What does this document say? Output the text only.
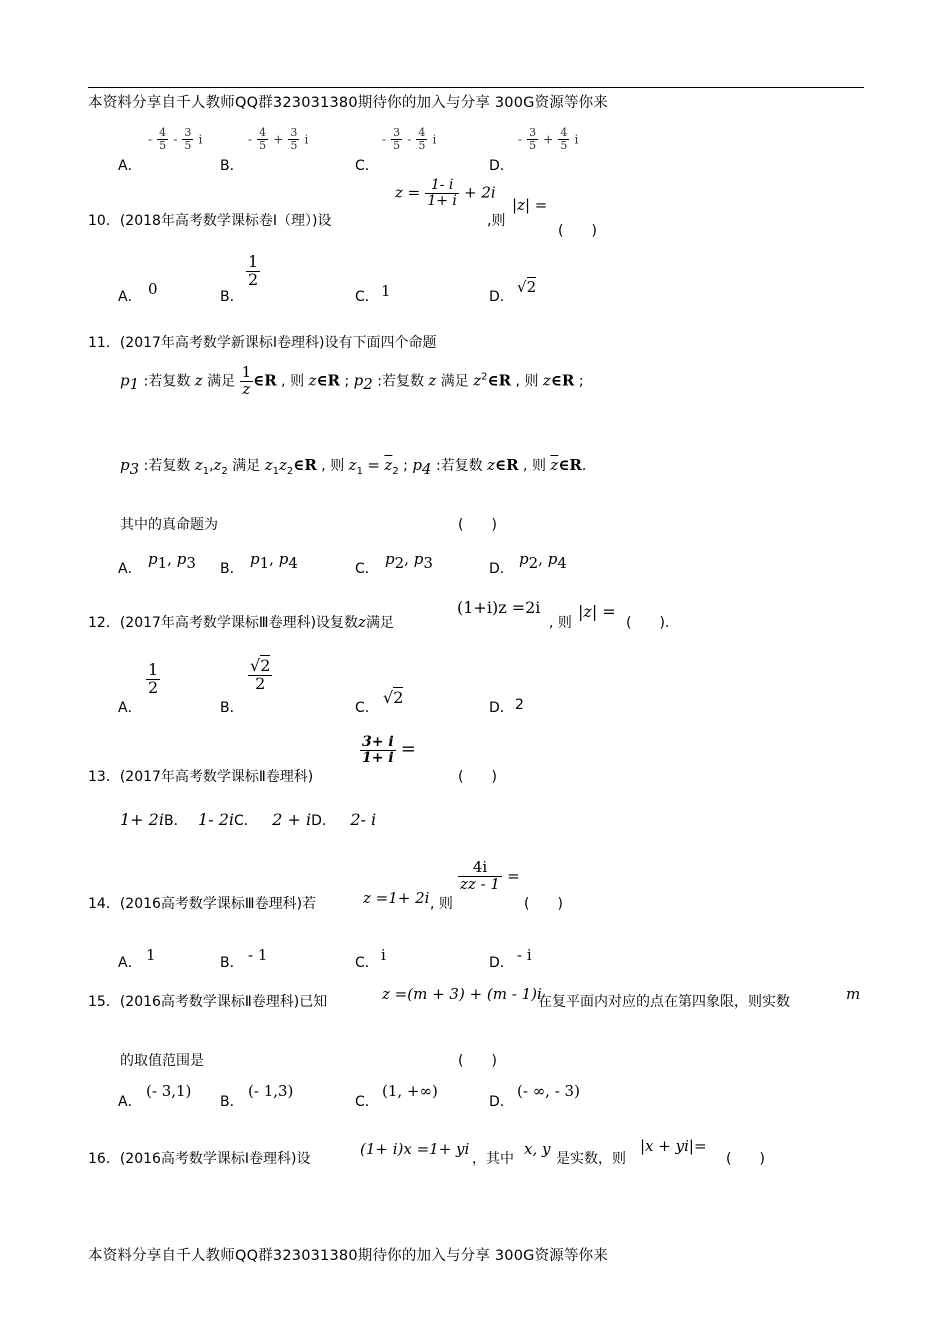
本资料分享自千人教师QQ群323031380期待你的加入与分享 300G资源等你来
A．
- $\frac{4}{5} - \frac{3}{5}$ i
B．
- $\frac{4}{5} + \frac{3}{5}$ i
C．
- $\frac{3}{5} - \frac{4}{5}$ i
D．
- $\frac{3}{5} + \frac{4}{5}$ i
10．(2018年高考数学课标卷Ⅰ（理）)设
$z = \frac{1- i}{1+ i} + 2i$
,则
|z| =
(　　)
A． 0	B．
$\frac{1}{2}$
C． 1	D．
√2
11．(2017年高考数学新课标Ⅰ卷理科)设有下面四个命题
$p_1$ :若复数 z 满足 $\frac{1}{z}$ ∈R , 则 z∈R ; $p_2$ :若复数 z 满足 $z^2\in R$ , 则 z∈R ;
$p_3$ :若复数 $z_1,z_2$ 满足 $z_1z_2\in R$ , 则 $z_1 = \overline{z}_2$ ; $p_4$ :若复数 z∈R , 则 $\overline{z}\in R$.
其中的真命题为	(　　)
A．
$p_1$, $p_3$ B．
$p_1$, $p_4$	C．
$p_2$, $p_3$	D．
$p_2$, $p_4$
12．(2017年高考数学课标Ⅲ卷理科)设复数z满足
(1+i)z =2i
, 则
|z| =
(　　).
A．
$\frac{1}{2}$
B．
$\frac{√2}{2}$
C．
√2
D． 2
13．(2017年高考数学课标Ⅱ卷理科)
$\frac{3+ i}{1+ i}$ =
(　　)
1+ 2iB． 1- 2iC． 2 + iD． 2- i
14．(2016高考数学课标Ⅲ卷理科)若	z =1+ 2i , 则
$\frac{4i}{zz - 1}$ =
(　　)
A． 1	B． - 1	C． i	D． - i
15．(2016高考数学课标Ⅱ卷理科)已知	z =(m + 3) + (m - 1)i
在复平面内对应的点在第四象限，则实数	m
的取值范围是	(　　)
A．
(- 3,1)
B．
(- 1,3)
C．
(1, +∞)
D．
(- ∞, - 3)
16．(2016高考数学课标Ⅰ卷理科)设
(1+ i)x =1+ yi
，其中
x, y
是实数，则
|x + yi|=
(　　)
本资料分享自千人教师QQ群323031380期待你的加入与分享 300G资源等你来
